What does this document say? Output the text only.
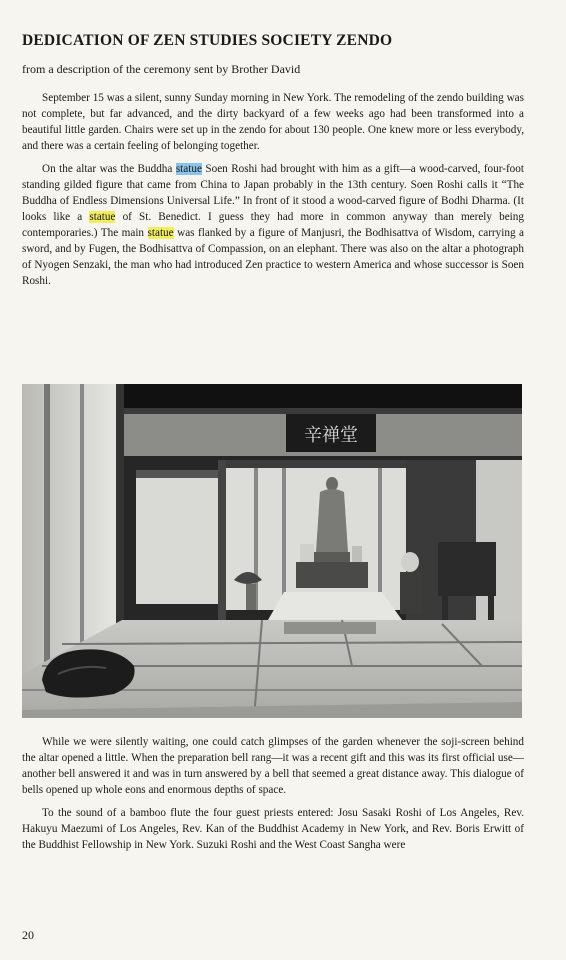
DEDICATION OF ZEN STUDIES SOCIETY ZENDO
from a description of the ceremony sent by Brother David

September 15 was a silent, sunny Sunday morning in New York. The remodeling of the zendo building was not complete, but far advanced, and the dirty backyard of a few weeks ago had been transformed into a beautiful little garden. Chairs were set up in the zendo for about 130 people. One knew more or less everybody, and there was a certain feeling of belonging together.

On the altar was the Buddha statue Soen Roshi had brought with him as a gift—a wood-carved, four-foot standing gilded figure that came from China to Japan probably in the 13th century. Soen Roshi calls it “The Buddha of Endless Dimensions Universal Life.” In front of it stood a wood-carved figure of Bodhi Dharma. (It looks like a statue of St. Benedict. I guess they had more in common anyway than merely being contemporaries.) The main statue was flanked by a figure of Manjusri, the Bodhisattva of Wisdom, carrying a sword, and by Fugen, the Bodhisattva of Compassion, on an elephant. There was also on the altar a photograph of Nyogen Senzaki, the man who had introduced Zen practice to western America and whose successor is Soen Roshi.

辛禅堂

While we were silently waiting, one could catch glimpses of the garden whenever the soji-screen behind the altar opened a little. When the preparation bell rang—it was a recent gift and this was its first official use—another bell answered it and was in turn answered by a bell that seemed a great distance away. This dialogue of bells opened up whole eons and enormous depths of space.

To the sound of a bamboo flute the four guest priests entered: Josu Sasaki Roshi of Los Angeles, Rev. Hakuyu Maezumi of Los Angeles, Rev. Kan of the Buddhist Academy in New York, and Rev. Boris Erwitt of the Buddhist Fellowship in New York. Suzuki Roshi and the West Coast Sangha were

20
